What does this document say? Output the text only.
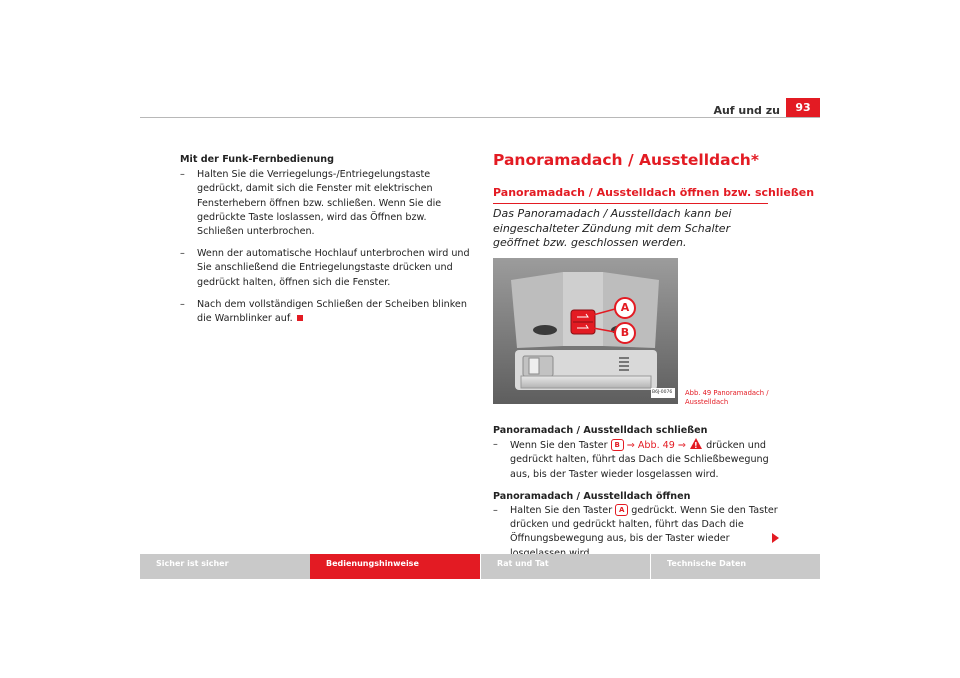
Auf und zu	93
Mit der Funk-Fernbedienung
– Halten Sie die Verriegelungs-/Entriegelungstaste gedrückt, damit sich die Fenster mit elektrischen Fensterhebern öffnen bzw. schließen. Wenn Sie die gedrückte Taste loslassen, wird das Öffnen bzw. Schließen unterbrochen.
– Wenn der automatische Hochlauf unterbrochen wird und Sie anschließend die Entriegelungstaste drücken und gedrückt halten, öffnen sich die Fenster.
– Nach dem vollständigen Schließen der Scheiben blinken die Warnblinker auf.
Panoramadach / Ausstelldach*
Panoramadach / Ausstelldach öffnen bzw. schließen
Das Panoramadach / Ausstelldach kann bei eingeschalteter Zündung mit dem Schalter geöffnet bzw. geschlossen werden.
A
B
B6J-0076 Abb. 49 Panoramadach / Ausstelldach
Panoramadach / Ausstelldach schließen
– Wenn Sie den Taster B ⇒ Abb. 49 ⇒ ! drücken und gedrückt halten, führt das Dach die Schließbewegung aus, bis der Taster wieder losgelassen wird.
Panoramadach / Ausstelldach öffnen
– Halten Sie den Taster A gedrückt. Wenn Sie den Taster drücken und gedrückt halten, führt das Dach die Öffnungsbewegung aus, bis der Taster wieder
Sicher ist sicher	Bedienungshinweise	Rat und Tat	Technische Daten
